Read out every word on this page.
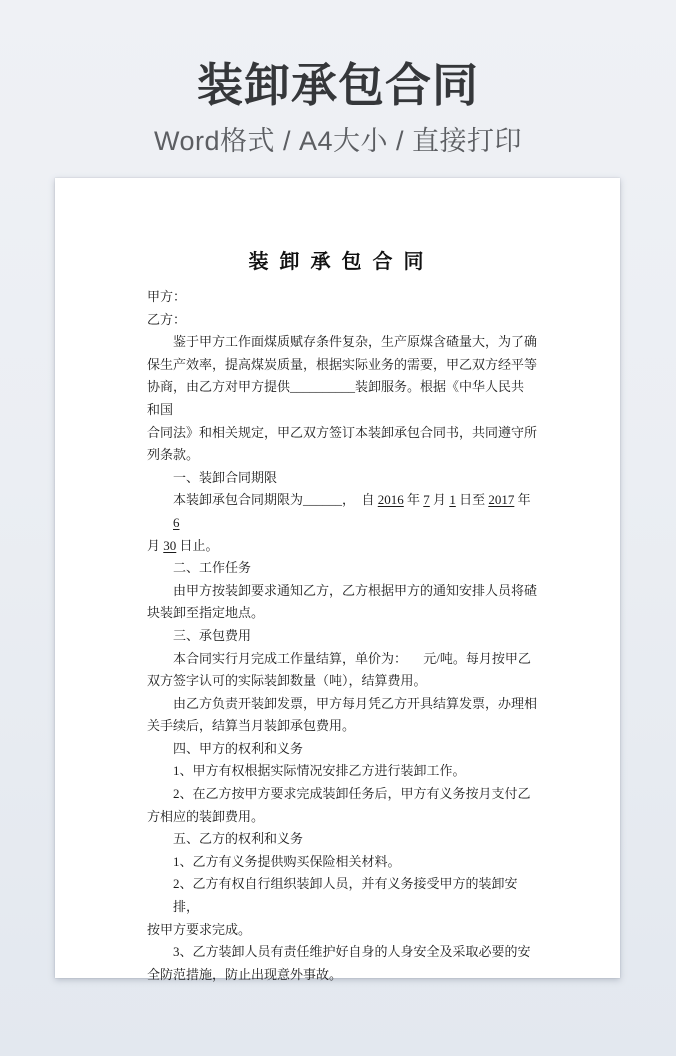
装卸承包合同
Word格式 / A4大小 / 直接打印
装 卸 承 包 合 同
甲方：
乙方：
鉴于甲方工作面煤质赋存条件复杂，生产原煤含碴量大，为了确
保生产效率，提高煤炭质量，根据实际业务的需要，甲乙双方经平等
协商，由乙方对甲方提供__________装卸服务。根据《中华人民共和国
合同法》和相关规定，甲乙双方签订本装卸承包合同书，共同遵守所
列条款。
一、装卸合同期限
本装卸承包合同期限为______，  自 2016 年 7 月 1 日至 2017 年 6
月 30 日止。
二、工作任务
由甲方按装卸要求通知乙方，乙方根据甲方的通知安排人员将碴
块装卸至指定地点。
三、承包费用
本合同实行月完成工作量结算，单价为：     元/吨。每月按甲乙
双方签字认可的实际装卸数量（吨），结算费用。
由乙方负责开装卸发票，甲方每月凭乙方开具结算发票，办理相
关手续后，结算当月装卸承包费用。
四、甲方的权利和义务
1、甲方有权根据实际情况安排乙方进行装卸工作。
2、在乙方按甲方要求完成装卸任务后，甲方有义务按月支付乙
方相应的装卸费用。
五、乙方的权利和义务
1、乙方有义务提供购买保险相关材料。
2、乙方有权自行组织装卸人员，并有义务接受甲方的装卸安排，
按甲方要求完成。
3、乙方装卸人员有责任维护好自身的人身安全及采取必要的安
全防范措施，防止出现意外事故。
